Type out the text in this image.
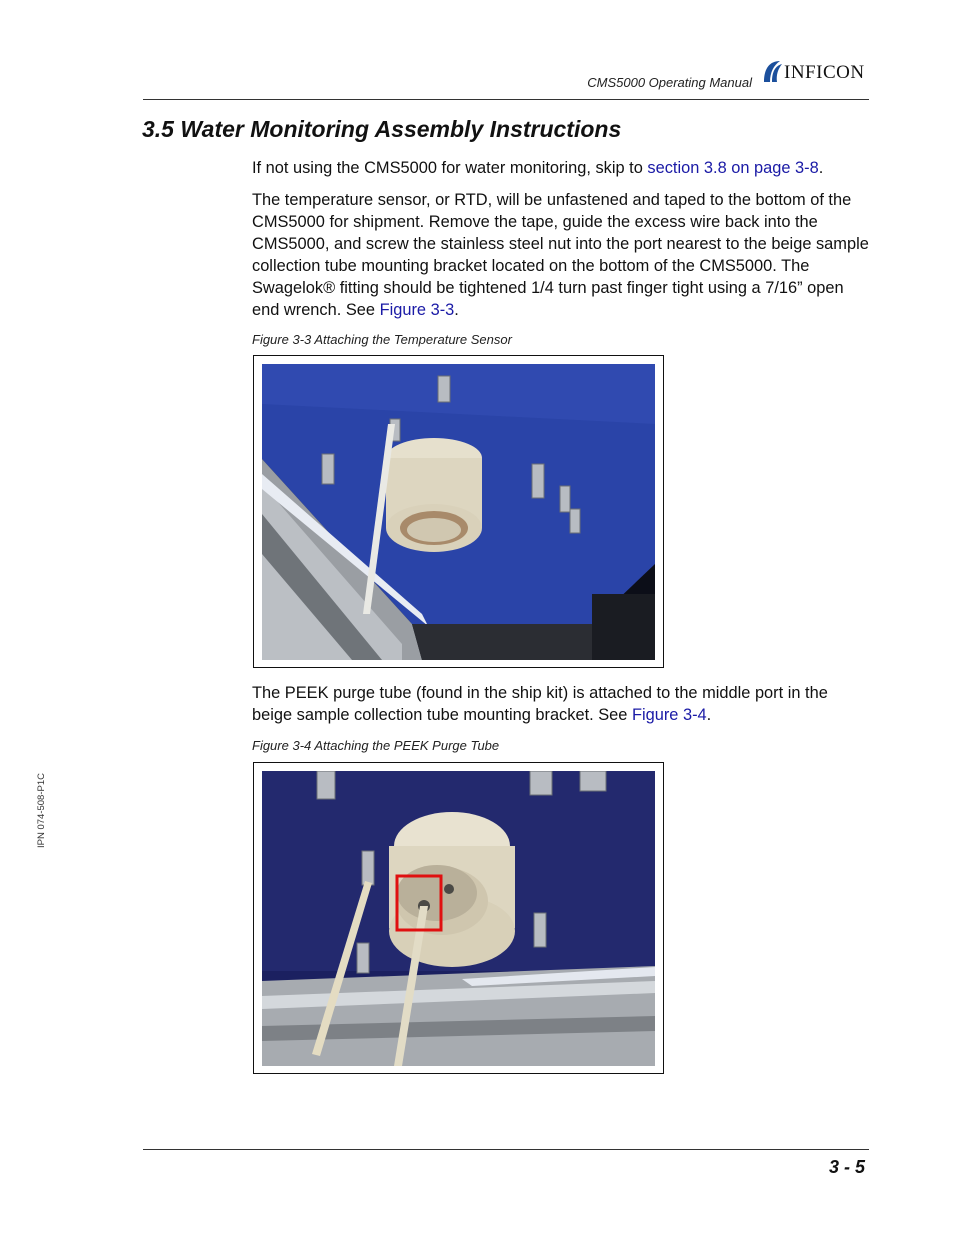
CMS5000 Operating Manual INFICON
3.5 Water Monitoring Assembly Instructions

If not using the CMS5000 for water monitoring, skip to section 3.8 on page 3-8.

The temperature sensor, or RTD, will be unfastened and taped to the bottom of the CMS5000 for shipment. Remove the tape, guide the excess wire back into the CMS5000, and screw the stainless steel nut into the port nearest to the beige sample collection tube mounting bracket located on the bottom of the CMS5000. The Swagelok® fitting should be tightened 1/4 turn past finger tight using a 7/16” open end wrench. See Figure 3-3.

Figure 3-3 Attaching the Temperature Sensor

The PEEK purge tube (found in the ship kit) is attached to the middle port in the beige sample collection tube mounting bracket. See Figure 3-4.

Figure 3-4 Attaching the PEEK Purge Tube
IPN 074-508-P1C
3 - 5
